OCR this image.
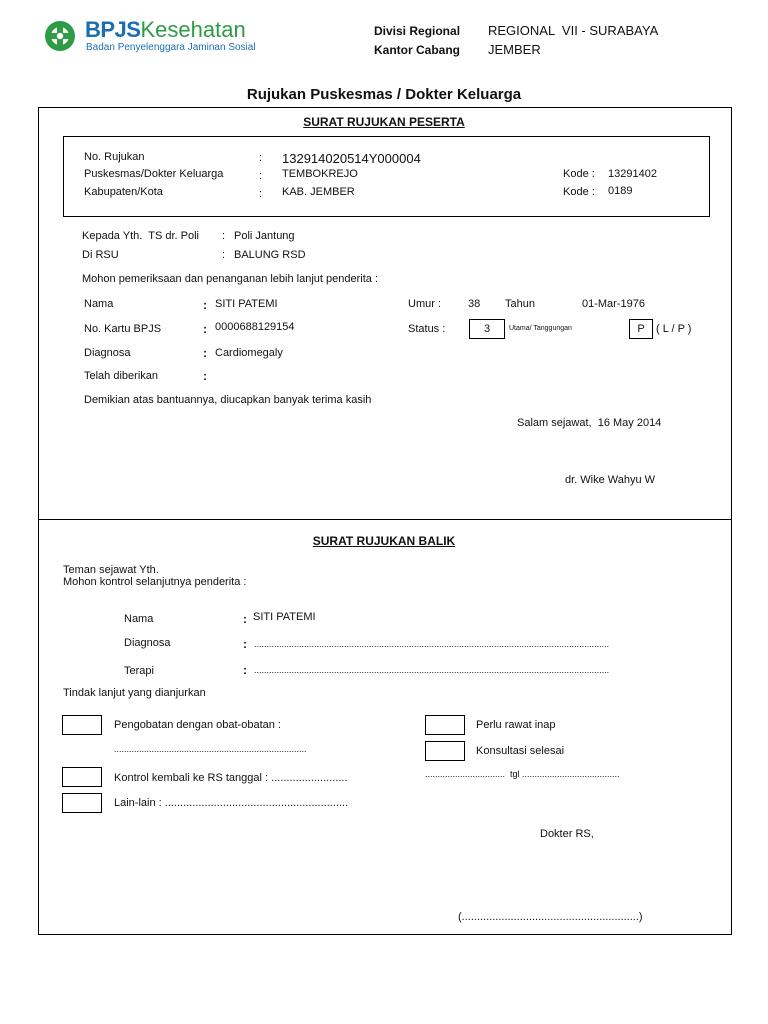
BPJSKesehatan
Badan Penyelenggara Jaminan Sosial
Divisi Regional REGIONAL  VII - SURABAYA
Kantor Cabang JEMBER
Rujukan Puskesmas / Dokter Keluarga
SURAT RUJUKAN PESERTA
No. Rujukan	: 132914020514Y000004
Puskesmas/Dokter Keluarga	: TEMBOKREJO	Kode : 13291402
Kabupaten/Kota	: KAB. JEMBER	Kode : 0189
Kepada Yth.  TS dr. Poli : Poli Jantung
Di RSU	: BALUNG RSD
Mohon pemeriksaan dan penanganan lebih lanjut penderita :
Nama	: SITI PATEMI	Umur : 38 Tahun	01-Mar-1976
No. Kartu BPJS	: 0000688129154	Status :	3	Utama/ Tanggungan	P	( L / P )
Diagnosa	: Cardiomegaly
Telah diberikan	:
Demikian atas bantuannya, diucapkan banyak terima kasih
Salam sejawat,  16 May 2014
dr. Wike Wahyu W
SURAT RUJUKAN BALIK
Teman sejawat Yth.
Mohon kontrol selanjutnya penderita :
Nama	: SITI PATEMI
Diagnosa	: ..............................................................................................................................................
Terapi	: ..............................................................................................................................................
Tindak lanjut yang dianjurkan
Pengobatan dengan obat-obatan :
.............................................................................
Kontrol kembali ke RS tanggal : .........................
Lain-lain : ............................................................
Perlu rawat inap
Konsultasi selesai
................................  tgl .......................................
Dokter RS,
(..........................................................)
